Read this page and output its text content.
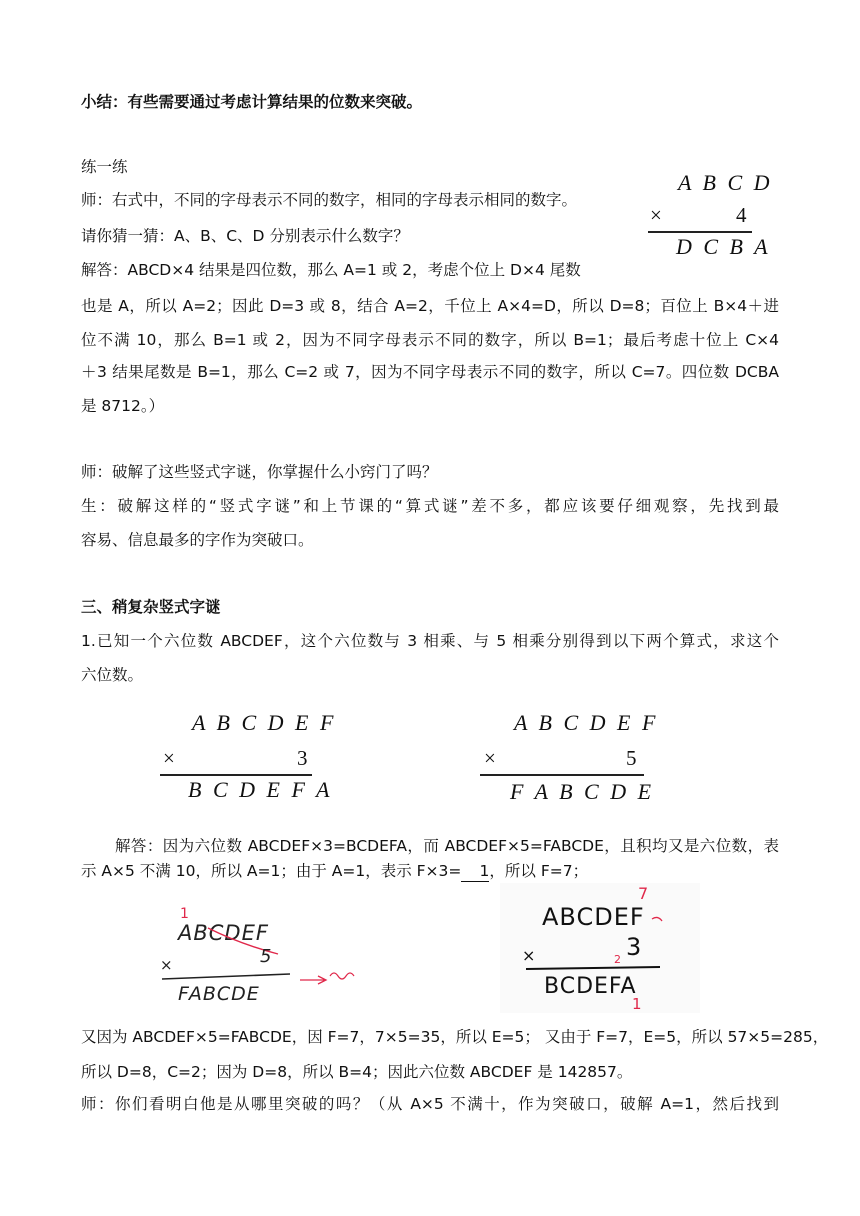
小结：有些需要通过考虑计算结果的位数来突破。
练一练
师：右式中，不同的字母表示不同的数字，相同的字母表示相同的数字。
请你猜一猜：A、B、C、D 分别表示什么数字？
解答：ABCD×4 结果是四位数，那么 A=1 或 2，考虑个位上 D×4 尾数
A B C D
×	4
D C B A
也是 A，所以 A=2；因此 D=3 或 8，结合 A=2，千位上 A×4=D，所以 D=8；百位上 B×4＋进
位不满 10，那么 B=1 或 2，因为不同字母表示不同的数字，所以 B=1；最后考虑十位上 C×4
＋3 结果尾数是 B=1，那么 C=2 或 7，因为不同字母表示不同的数字，所以 C=7。四位数 DCBA
是 8712。）
师：破解了这些竖式字谜，你掌握什么小窍门了吗？
生：破解这样的“竖式字谜”和上节课的“算式谜”差不多，都应该要仔细观察，先找到最
容易、信息最多的字作为突破口。
三、稍复杂竖式字谜
1.已知一个六位数 ABCDEF，这个六位数与 3 相乘、与 5 相乘分别得到以下两个算式，求这个
六位数。
A B C D E F
×	3
B C D E F A
A B C D E F
×	5
F A B C D E
解答：因为六位数 ABCDEF×3=BCDEFA，而 ABCDEF×5=FABCDE，且积均又是六位数，表
示 A×5 不满 10，所以 A=1；由于 A=1，表示 F×3= 1，所以 F=7；
1
ABCDEF
×	5
FABCDE
7
ABCDEF
×	3
2
BCDEFA
1
又因为 ABCDEF×5=FABCDE，因 F=7，7×5=35，所以 E=5； 又由于 F=7，E=5，所以 57×5=285，
所以 D=8，C=2；因为 D=8，所以 B=4；因此六位数 ABCDEF 是 142857。
师：你们看明白他是从哪里突破的吗？（从 A×5 不满十，作为突破口，破解 A=1，然后找到
